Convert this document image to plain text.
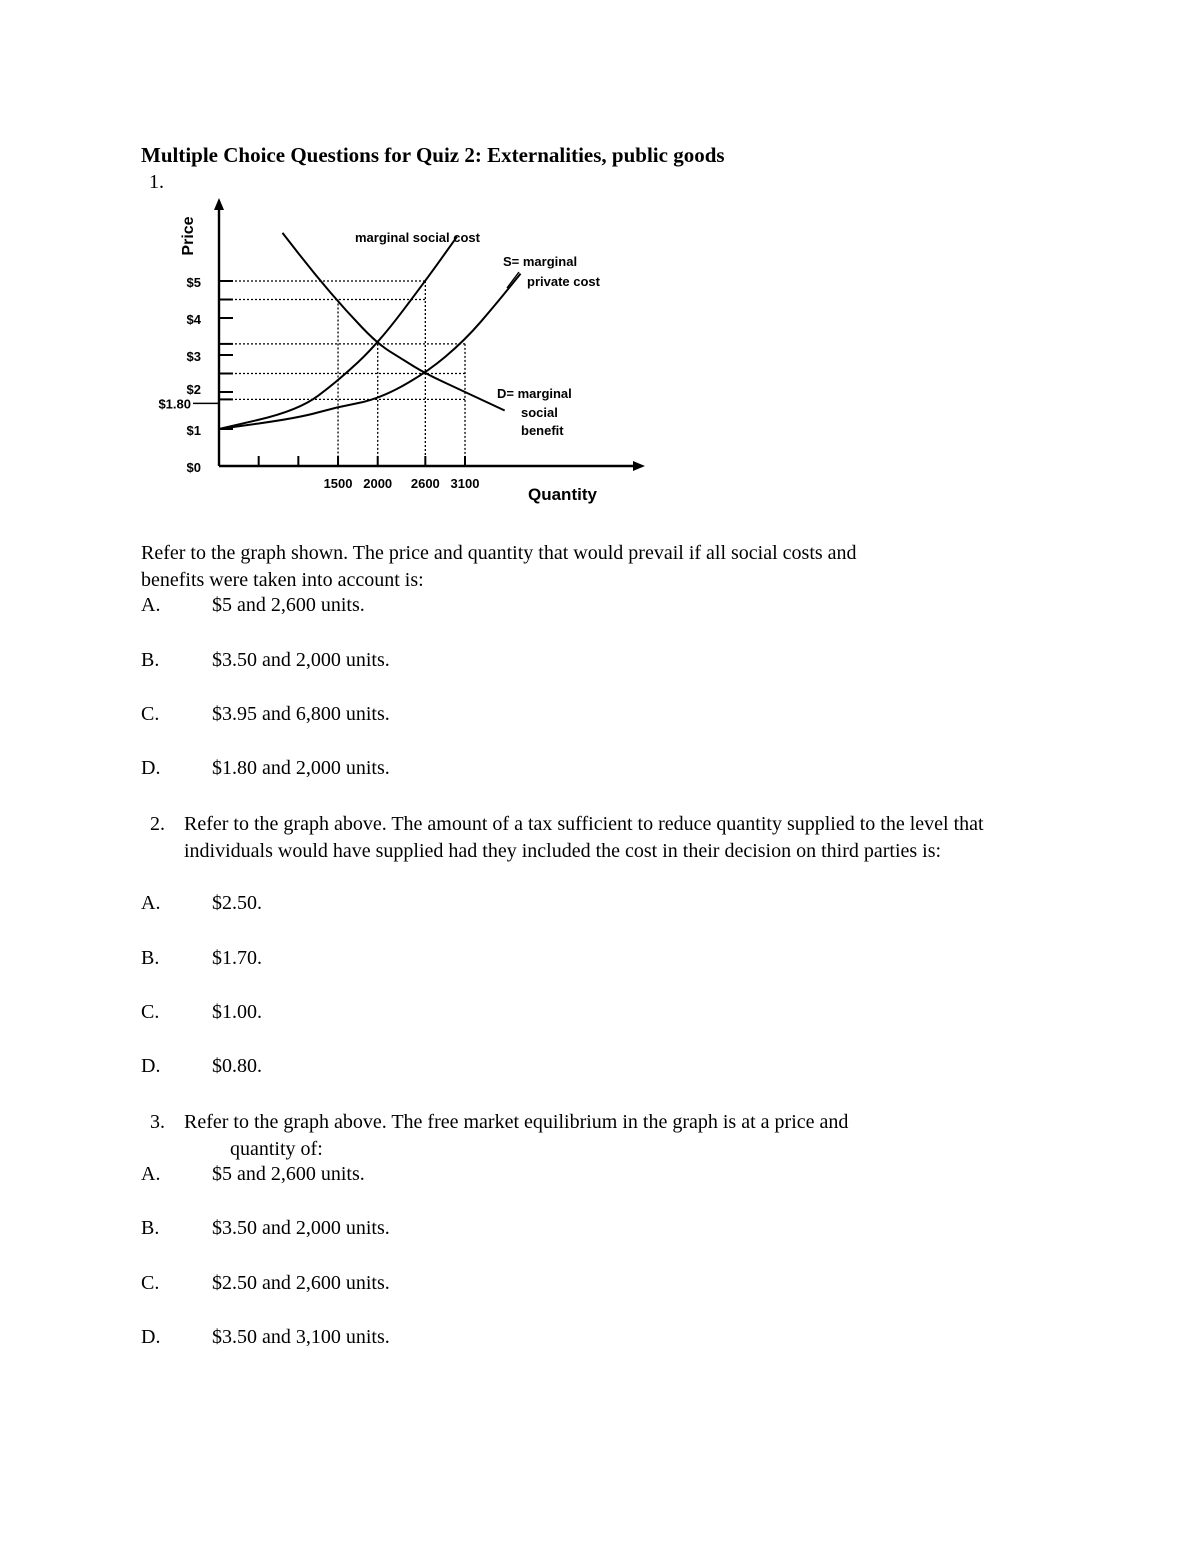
Multiple Choice Questions for Quiz 2: Externalities, public goods
1.
$0
$1
$1.80
$2
$3
$4
$5
1500 2000 2600 3100
Price
Quantity
marginal social cost
S= marginal
private cost
D= marginal
social
benefit
Refer to the graph shown. The price and quantity that would prevail if all social costs and
benefits were taken into account is:
A.	$5 and 2,600 units.
B.	$3.50 and 2,000 units.
C.	$3.95 and 6,800 units.
D.	$1.80 and 2,000 units.
2. Refer to the graph above. The amount of a tax sufficient to reduce quantity supplied to the level that individuals would have supplied had they included the cost in their decision on third parties is:
A.	$2.50.
B.	$1.70.
C.	$1.00.
D.	$0.80.
3. Refer to the graph above. The free market equilibrium in the graph is at a price and
quantity of:
A.	$5 and 2,600 units.
B.	$3.50 and 2,000 units.
C.	$2.50 and 2,600 units.
D.	$3.50 and 3,100 units.
